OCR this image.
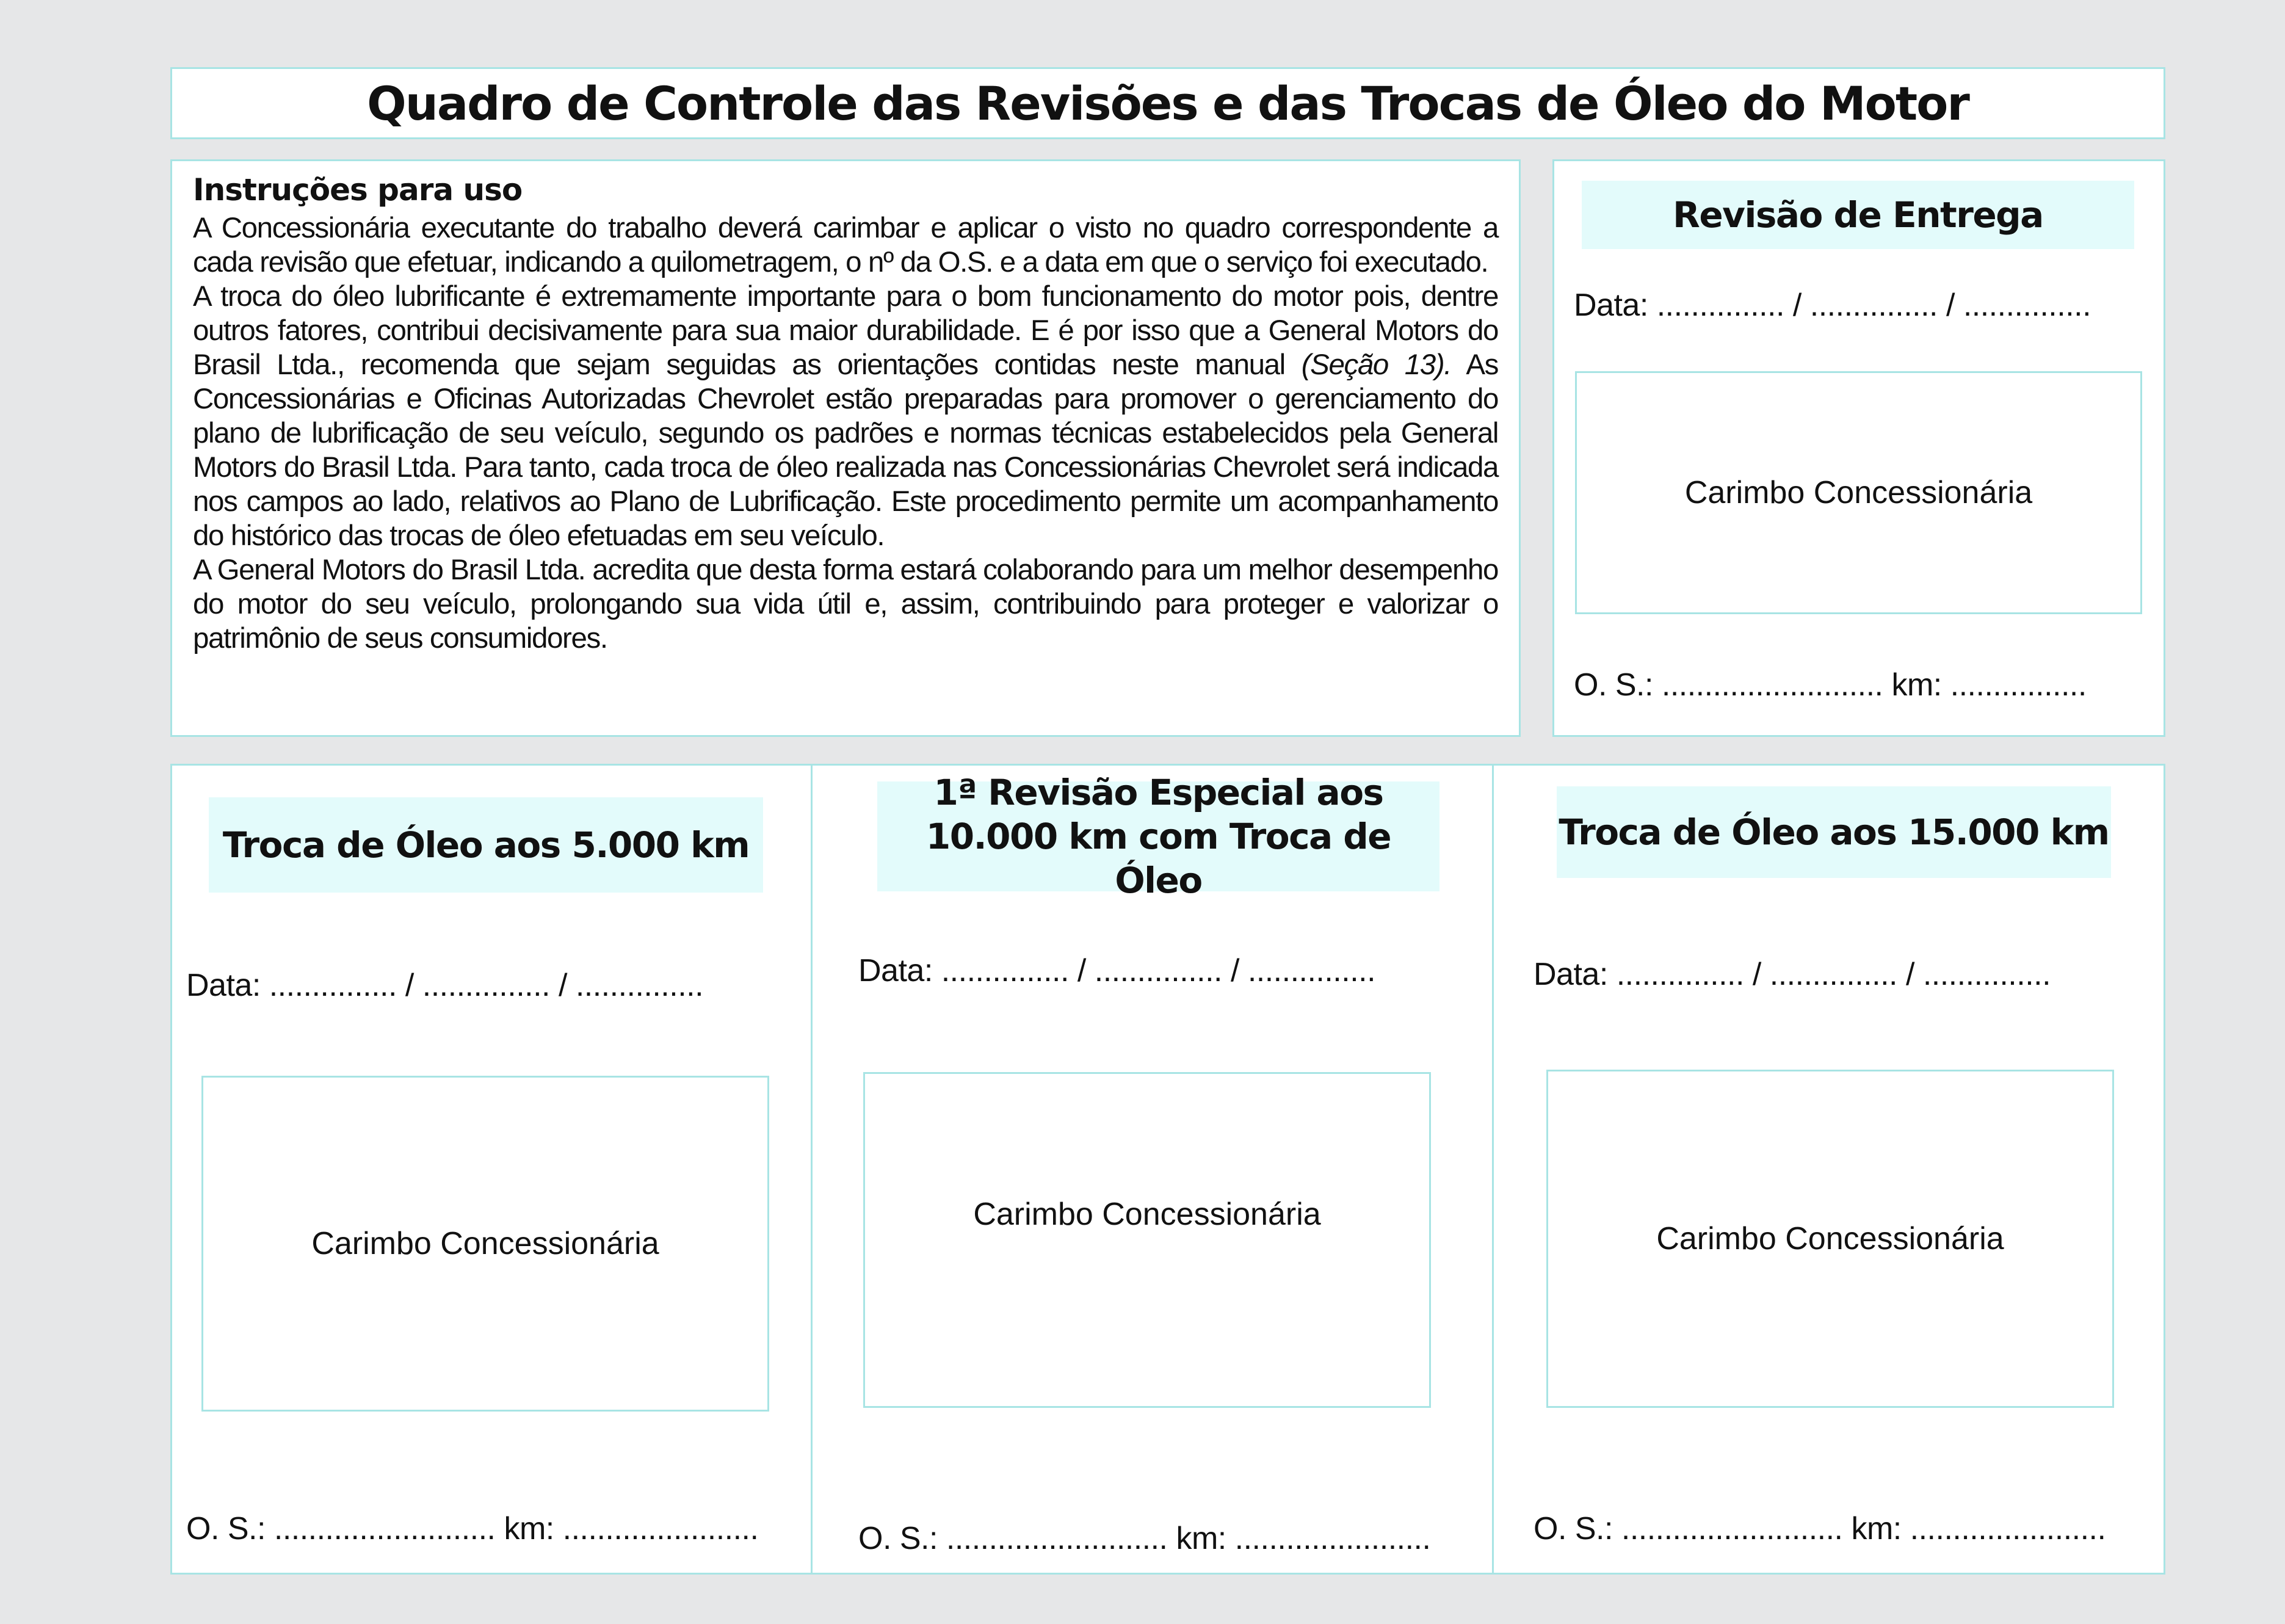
Quadro de Controle das Revisões e das Trocas de Óleo do Motor
Instruções para uso

A Concessionária executante do trabalho deverá carimbar e aplicar o visto no quadro correspondente a cada revisão que efetuar, indicando a quilometragem, o nº da O.S. e a data em que o serviço foi executado.

A troca do óleo lubrificante é extremamente importante para o bom funcionamento do motor pois, dentre outros fatores, contribui decisivamente para sua maior durabilidade. E é por isso que a General Motors do Brasil Ltda., recomenda que sejam seguidas as orientações contidas neste manual (Seção 13). As Concessionárias e Oficinas Autorizadas Chevrolet estão preparadas para promover o gerenciamento do plano de lubrificação de seu veículo, segundo os padrões e normas técnicas estabelecidos pela General Motors do Brasil Ltda. Para tanto, cada troca de óleo realizada nas Concessionárias Chevrolet será indicada nos campos ao lado, relativos ao Plano de Lubrificação. Este procedimento permite um acompanhamento do histórico das trocas de óleo efetuadas em seu veículo.

A General Motors do Brasil Ltda. acredita que desta forma estará colaborando para um melhor desempenho do motor do seu veículo, prolongando sua vida útil e, assim, contribuindo para proteger e valorizar o patrimônio de seus consumidores.

Revisão de Entrega
Data: ............... / ............... / ...............
Carimbo Concessionária
O. S.: .......................... km: ................
Troca de Óleo aos 5.000 km
Data: ............... / ............... / ...............
Carimbo Concessionária
O. S.: .......................... km: .......................
1ª Revisão Especial aos
10.000 km com Troca de Óleo
Data: ............... / ............... / ...............
Carimbo Concessionária
O. S.: .......................... km: .......................
Troca de Óleo aos 15.000 km
Data: ............... / ............... / ...............
Carimbo Concessionária
O. S.: .......................... km: .......................
